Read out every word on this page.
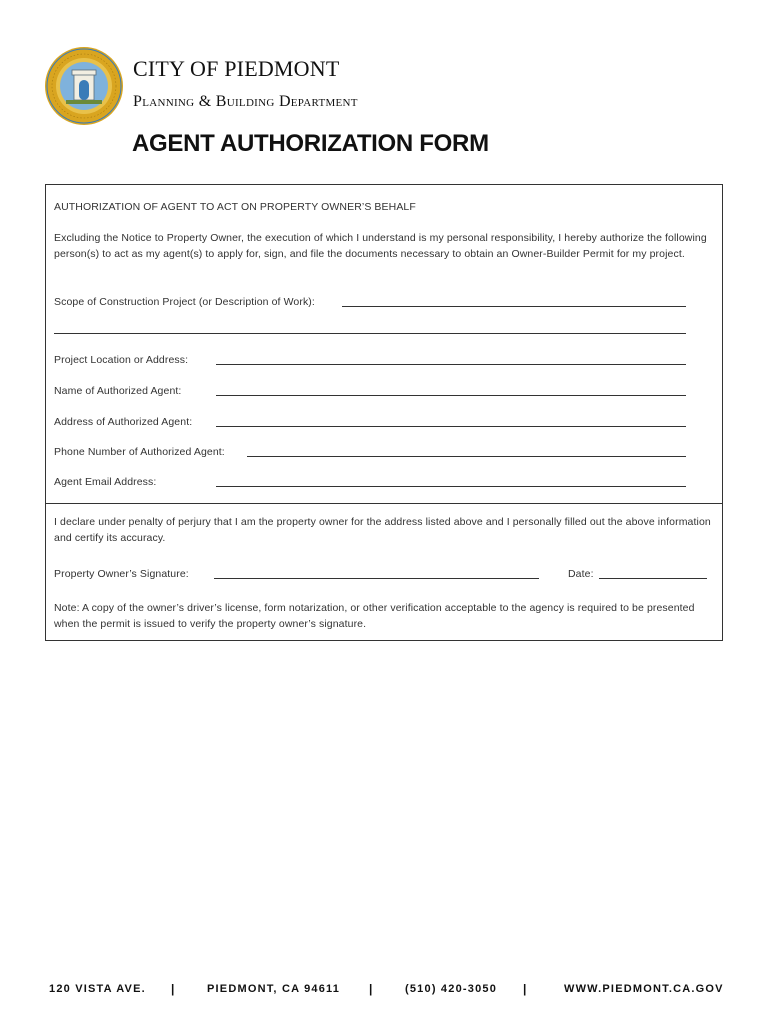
CITY OF PIEDMONT
Planning & Building Department
AGENT AUTHORIZATION FORM
AUTHORIZATION OF AGENT TO ACT ON PROPERTY OWNER’S BEHALF
Excluding the Notice to Property Owner, the execution of which I understand is my personal responsibility, I hereby authorize the following person(s) to act as my agent(s) to apply for, sign, and file the documents necessary to obtain an Owner-Builder Permit for my project.
Scope of Construction Project (or Description of Work):
Project Location or Address:
Name of Authorized Agent:
Address of Authorized Agent:
Phone Number of Authorized Agent:
Agent Email Address:
I declare under penalty of perjury that I am the property owner for the address listed above and I personally filled out the above information and certify its accuracy.
Property Owner’s Signature:	Date:
Note: A copy of the owner’s driver’s license, form notarization, or other verification acceptable to the agency is required to be presented when the permit is issued to verify the property owner’s signature.
120 VISTA AVE. |	PIEDMONT, CA 94611 |	(510) 420-3050 |	WWW.PIEDMONT.CA.GOV
